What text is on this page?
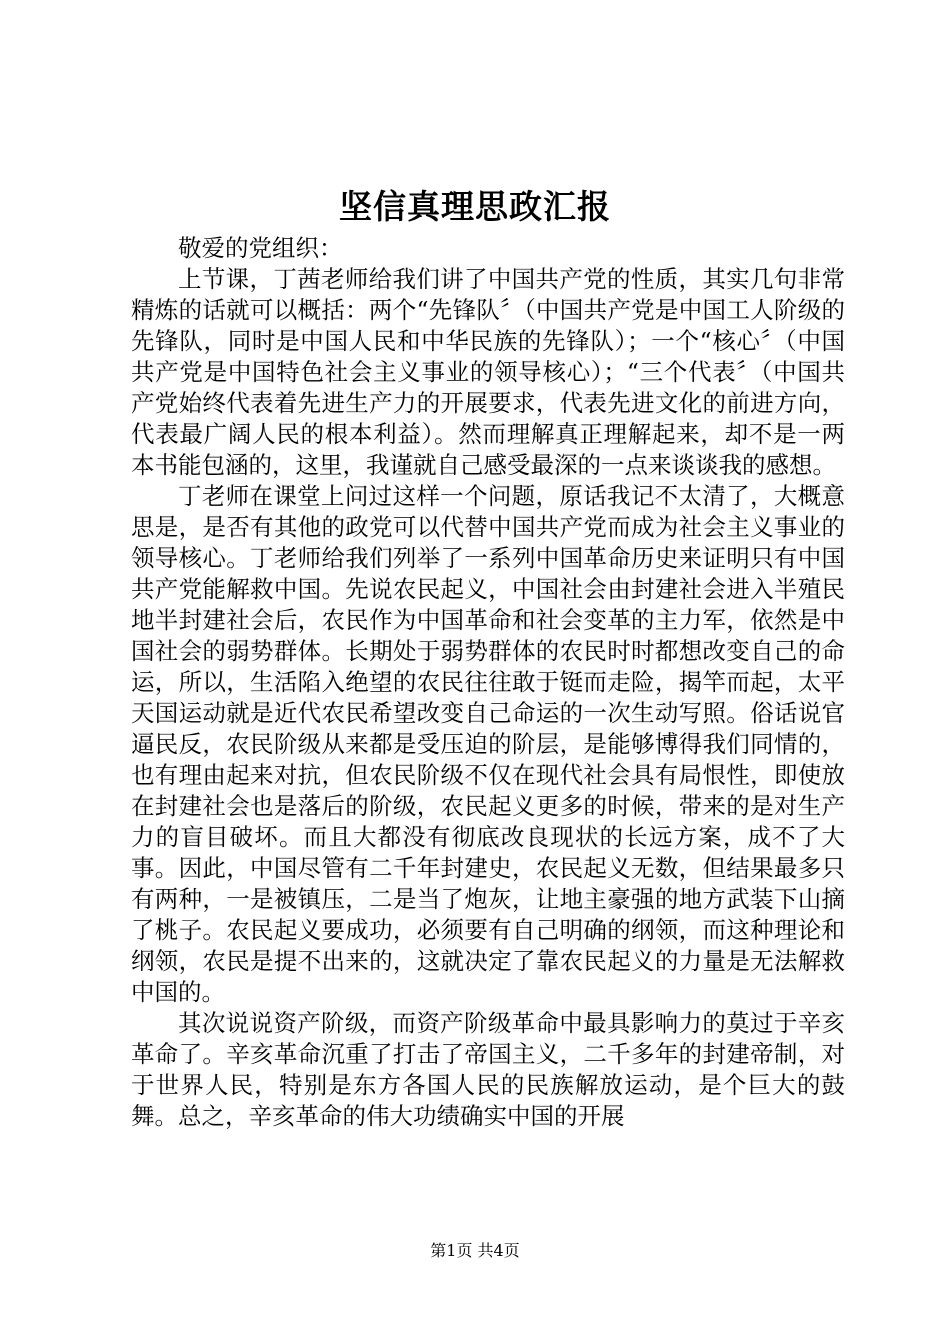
坚信真理思政汇报

敬爱的党组织：

上节课，丁茜老师给我们讲了中国共产党的性质，其实几句非常精炼的话就可以概括：两个“先锋队〞（中国共产党是中国工人阶级的先锋队，同时是中国人民和中华民族的先锋队）；一个“核心〞（中国共产党是中国特色社会主义事业的领导核心）；“三个代表〞（中国共产党始终代表着先进生产力的开展要求，代表先进文化的前进方向，代表最广阔人民的根本利益）。然而理解真正理解起来，却不是一两本书能包涵的，这里，我谨就自己感受最深的一点来谈谈我的感想。

丁老师在课堂上问过这样一个问题，原话我记不太清了，大概意思是，是否有其他的政党可以代替中国共产党而成为社会主义事业的领导核心。丁老师给我们列举了一系列中国革命历史来证明只有中国共产党能解救中国。先说农民起义，中国社会由封建社会进入半殖民地半封建社会后，农民作为中国革命和社会变革的主力军，依然是中国社会的弱势群体。长期处于弱势群体的农民时时都想改变自己的命运，所以，生活陷入绝望的农民往往敢于铤而走险，揭竿而起，太平天国运动就是近代农民希望改变自己命运的一次生动写照。俗话说官逼民反，农民阶级从来都是受压迫的阶层，是能够博得我们同情的，也有理由起来对抗，但农民阶级不仅在现代社会具有局恨性，即使放在封建社会也是落后的阶级，农民起义更多的时候，带来的是对生产力的盲目破坏。而且大都没有彻底改良现状的长远方案，成不了大事。因此，中国尽管有二千年封建史，农民起义无数，但结果最多只有两种，一是被镇压，二是当了炮灰，让地主豪强的地方武装下山摘了桃子。农民起义要成功，必须要有自己明确的纲领，而这种理论和纲领，农民是提不出来的，这就决定了靠农民起义的力量是无法解救中国的。

其次说说资产阶级，而资产阶级革命中最具影响力的莫过于辛亥革命了。辛亥革命沉重了打击了帝国主义，二千多年的封建帝制，对于世界人民，特别是东方各国人民的民族解放运动，是个巨大的鼓舞。总之，辛亥革命的伟大功绩确实中国的开展

第1页 共4页
